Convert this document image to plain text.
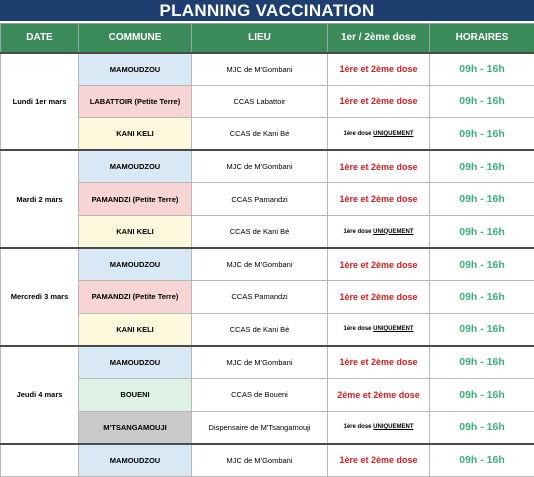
PLANNING VACCINATION
DATE	COMMUNE	LIEU	1er / 2ème dose	HORAIRES
Lundi 1er mars	MAMOUDZOU	MJC de M'Gombani	1ère et 2ème dose	09h - 16h
	LABATTOIR (Petite Terre)	CCAS Labattoir	1ère et 2ème dose	09h - 16h
	KANI KELI	CCAS de Kani Bé	1ère dose UNIQUEMENT	09h - 16h
Mardi 2 mars	MAMOUDZOU	MJC de M'Gombani	1ère et 2ème dose	09h - 16h
	PAMANDZI (Petite Terre)	CCAS Pamandzi	1ère et 2ème dose	09h - 16h
	KANI KELI	CCAS de Kani Bé	1ère dose UNIQUEMENT	09h - 16h
Mercredi 3 mars	MAMOUDZOU	MJC de M'Gombani	1ère et 2ème dose	09h - 16h
	PAMANDZI (Petite Terre)	CCAS Pamandzi	1ère et 2ème dose	09h - 16h
	KANI KELI	CCAS de Kani Bé	1ère dose UNIQUEMENT	09h - 16h
Jeudi 4 mars	MAMOUDZOU	MJC de M'Gombani	1ère et 2ème dose	09h - 16h
	BOUENI	CCAS de Boueni	2ème et 2ème dose	09h - 16h
	M'TSANGAMOUJI	Dispensaire de M'Tsangamouji	1ère dose UNIQUEMENT	09h - 16h
	MAMOUDZOU	MJC de M'Gombani	1ère et 2ème dose	09h - 16h
